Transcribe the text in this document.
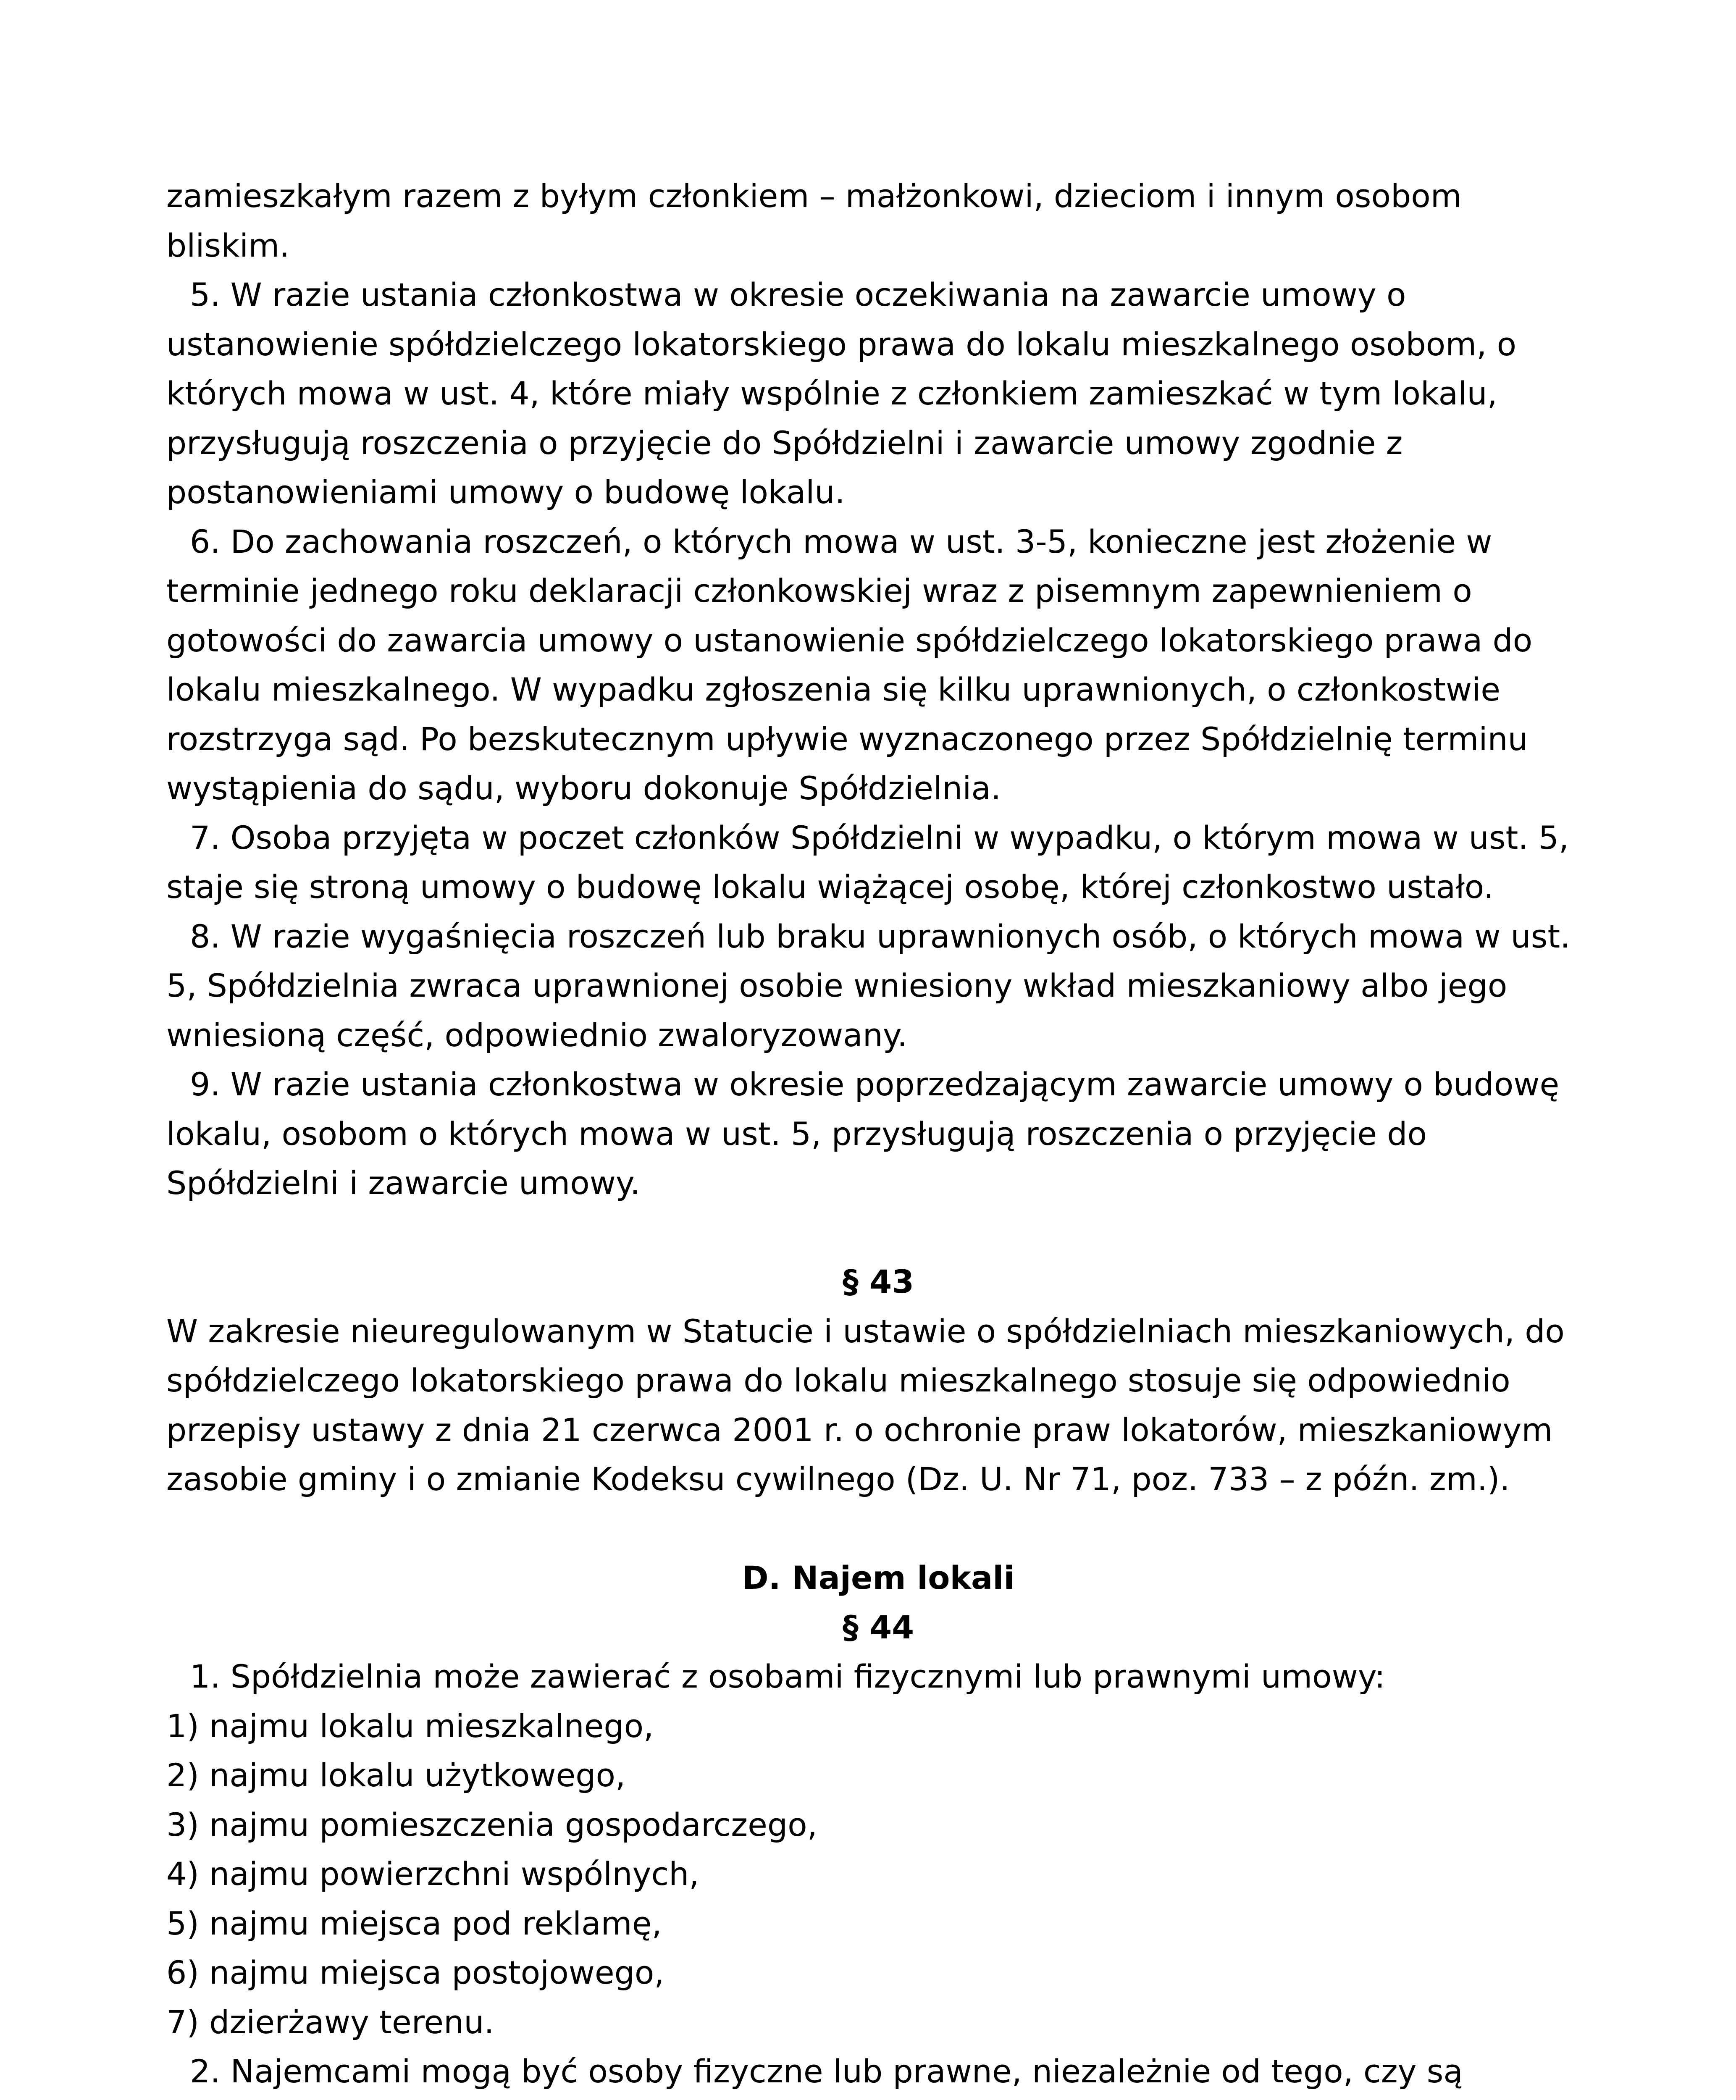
zamieszkałym razem z byłym członkiem – małżonkowi, dzieciom i innym osobom bliskim.

5. W razie ustania członkostwa w okresie oczekiwania na zawarcie umowy o ustanowienie spółdzielczego lokatorskiego prawa do lokalu mieszkalnego osobom, o których mowa w ust. 4, które miały wspólnie z członkiem zamieszkać w tym lokalu, przysługują roszczenia o przyjęcie do Spółdzielni i zawarcie umowy zgodnie z postanowieniami umowy o budowę lokalu.

6. Do zachowania roszczeń, o których mowa w ust. 3-5, konieczne jest złożenie w terminie jednego roku deklaracji członkowskiej wraz z pisemnym zapewnieniem o gotowości do zawarcia umowy o ustanowienie spółdzielczego lokatorskiego prawa do lokalu mieszkalnego. W wypadku zgłoszenia się kilku uprawnionych, o członkostwie rozstrzyga sąd. Po bezskutecznym upływie wyznaczonego przez Spółdzielnię terminu wystąpienia do sądu, wyboru dokonuje Spółdzielnia.

7. Osoba przyjęta w poczet członków Spółdzielni w wypadku, o którym mowa w ust. 5, staje się stroną umowy o budowę lokalu wiążącej osobę, której członkostwo ustało.

8. W razie wygaśnięcia roszczeń lub braku uprawnionych osób, o których mowa w ust. 5, Spółdzielnia zwraca uprawnionej osobie wniesiony wkład mieszkaniowy albo jego wniesioną część, odpowiednio zwaloryzowany.

9. W razie ustania członkostwa w okresie poprzedzającym zawarcie umowy o budowę lokalu, osobom o których mowa w ust. 5, przysługują roszczenia o przyjęcie do Spółdzielni i zawarcie umowy.

§ 43

W zakresie nieuregulowanym w Statucie i ustawie o spółdzielniach mieszkaniowych, do spółdzielczego lokatorskiego prawa do lokalu mieszkalnego stosuje się odpowiednio przepisy ustawy z dnia 21 czerwca 2001 r. o ochronie praw lokatorów, mieszkaniowym zasobie gminy i o zmianie Kodeksu cywilnego (Dz. U. Nr 71, poz. 733 – z późn. zm.).

D. Najem lokali

§ 44

1. Spółdzielnia może zawierać z osobami fizycznymi lub prawnymi umowy:

1) najmu lokalu mieszkalnego,

2) najmu lokalu użytkowego,

3) najmu pomieszczenia gospodarczego,

4) najmu powierzchni wspólnych,

5) najmu miejsca pod reklamę,

6) najmu miejsca postojowego,

7) dzierżawy terenu.

2. Najemcami mogą być osoby fizyczne lub prawne, niezależnie od tego, czy są
